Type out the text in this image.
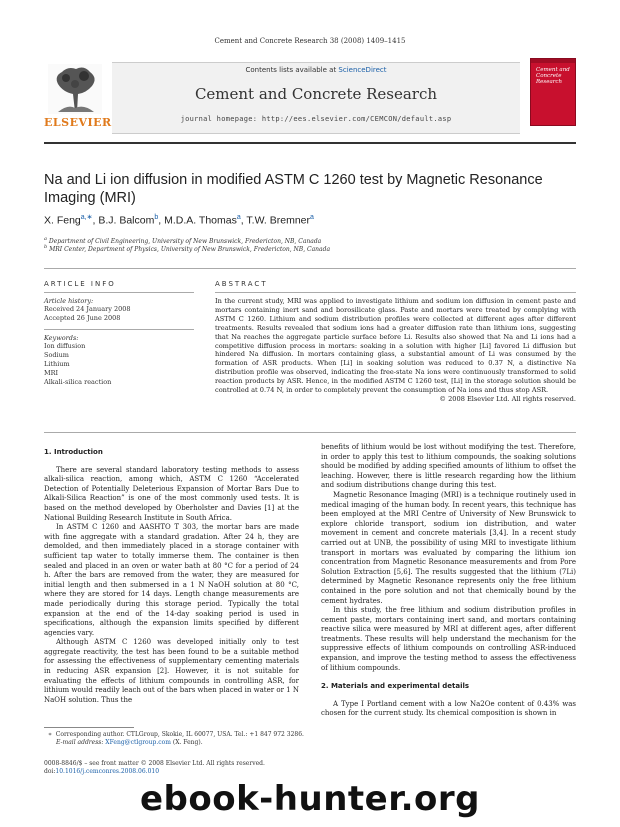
Cement and Concrete Research 38 (2008) 1409–1415
ELSEVIER
Contents lists available at ScienceDirect
Cement and Concrete Research
journal homepage: http://ees.elsevier.com/CEMCON/default.asp
Cement and Concrete Research
Na and Li ion diffusion in modified ASTM C 1260 test by Magnetic Resonance Imaging (MRI)
X. Feng$^{a,∗}$, B.J. Balcom$^b$, M.D.A. Thomas$^a$, T.W. Bremner$^a$
$^a$ Department of Civil Engineering, University of New Brunswick, Fredericton, NB, Canada
$^b$ MRI Center, Department of Physics, University of New Brunswick, Fredericton, NB, Canada
ARTICLE INFO
Article history:
Received 24 January 2008
Accepted 26 June 2008
Keywords:
Ion diffusion
Sodium
Lithium
MRI
Alkali-silica reaction
ABSTRACT
In the current study, MRI was applied to investigate lithium and sodium ion diffusion in cement paste and mortars containing inert sand and borosilicate glass. Paste and mortars were treated by complying with ASTM C 1260. Lithium and sodium distribution profiles were collected at different ages after different treatments. Results revealed that sodium ions had a greater diffusion rate than lithium ions, suggesting that Na reaches the aggregate particle surface before Li. Results also showed that Na and Li ions had a competitive diffusion process in mortars: soaking in a solution with higher [Li] favored Li diffusion but hindered Na diffusion. In mortars containing glass, a substantial amount of Li was consumed by the formation of ASR products. When [Li] in soaking solution was reduced to 0.37 N, a distinctive Na distribution profile was observed, indicating the free-state Na ions were continuously transformed to solid reaction products by ASR. Hence, in the modified ASTM C 1260 test, [Li] in the storage solution should be controlled at 0.74 N, in order to completely prevent the consumption of Na ions and thus stop ASR.
© 2008 Elsevier Ltd. All rights reserved.
1. Introduction

There are several standard laboratory testing methods to assess alkali-silica reaction, among which, ASTM C 1260 “Accelerated Detection of Potentially Deleterious Expansion of Mortar Bars Due to Alkali-Silica Reaction” is one of the most commonly used tests. It is based on the method developed by Oberholster and Davies [1] at the National Building Research Institute in South Africa.

In ASTM C 1260 and AASHTO T 303, the mortar bars are made with fine aggregate with a standard gradation. After 24 h, they are demolded, and then immediately placed in a storage container with sufficient tap water to totally immerse them. The container is then sealed and placed in an oven or water bath at 80 °C for a period of 24 h. After the bars are removed from the water, they are measured for initial length and then submersed in a 1 N NaOH solution at 80 °C, where they are stored for 14 days. Length change measurements are made periodically during this storage period. Typically the total expansion at the end of the 14-day soaking period is used in specifications, although the expansion limits specified by different agencies vary.

Although ASTM C 1260 was developed initially only to test aggregate reactivity, the test has been found to be a suitable method for assessing the effectiveness of supplementary cementing materials in reducing ASR expansion [2]. However, it is not suitable for evaluating the effects of lithium compounds in controlling ASR, for lithium would readily leach out of the bars when placed in water or 1 N NaOH solution. Thus the

benefits of lithium would be lost without modifying the test. Therefore, in order to apply this test to lithium compounds, the soaking solutions should be modified by adding specified amounts of lithium to offset the leaching. However, there is little research regarding how the lithium and sodium distributions change during this test.

Magnetic Resonance Imaging (MRI) is a technique routinely used in medical imaging of the human body. In recent years, this technique has been employed at the MRI Centre of University of New Brunswick to explore chloride transport, sodium ion distribution, and water movement in cement and concrete materials [3,4]. In a recent study carried out at UNB, the possibility of using MRI to investigate lithium transport in mortars was evaluated by comparing the lithium ion concentration from Magnetic Resonance measurements and from Pore Solution Extraction [5,6]. The results suggested that the lithium (7Li) determined by Magnetic Resonance represents only the free lithium contained in the pore solution and not that chemically bound by the cement hydrates.

In this study, the free lithium and sodium distribution profiles in cement paste, mortars containing inert sand, and mortars containing reactive silica were measured by MRI at different ages, after different treatments. These results will help understand the mechanism for the suppressive effects of lithium compounds on controlling ASR-induced expansion, and improve the testing method to assess the effectiveness of lithium compounds.

2. Materials and experimental details

A Type I Portland cement with a low Na2Oe content of 0.43% was chosen for the current study. Its chemical composition is shown in

∗ Corresponding author. CTLGroup, Skokie, IL 60077, USA. Tel.: +1 847 972 3286.
E-mail address: XFeng@ctlgroup.com (X. Feng).
0008-8846/$ – see front matter © 2008 Elsevier Ltd. All rights reserved.
doi:10.1016/j.cemconres.2008.06.010
ebook-hunter.org
